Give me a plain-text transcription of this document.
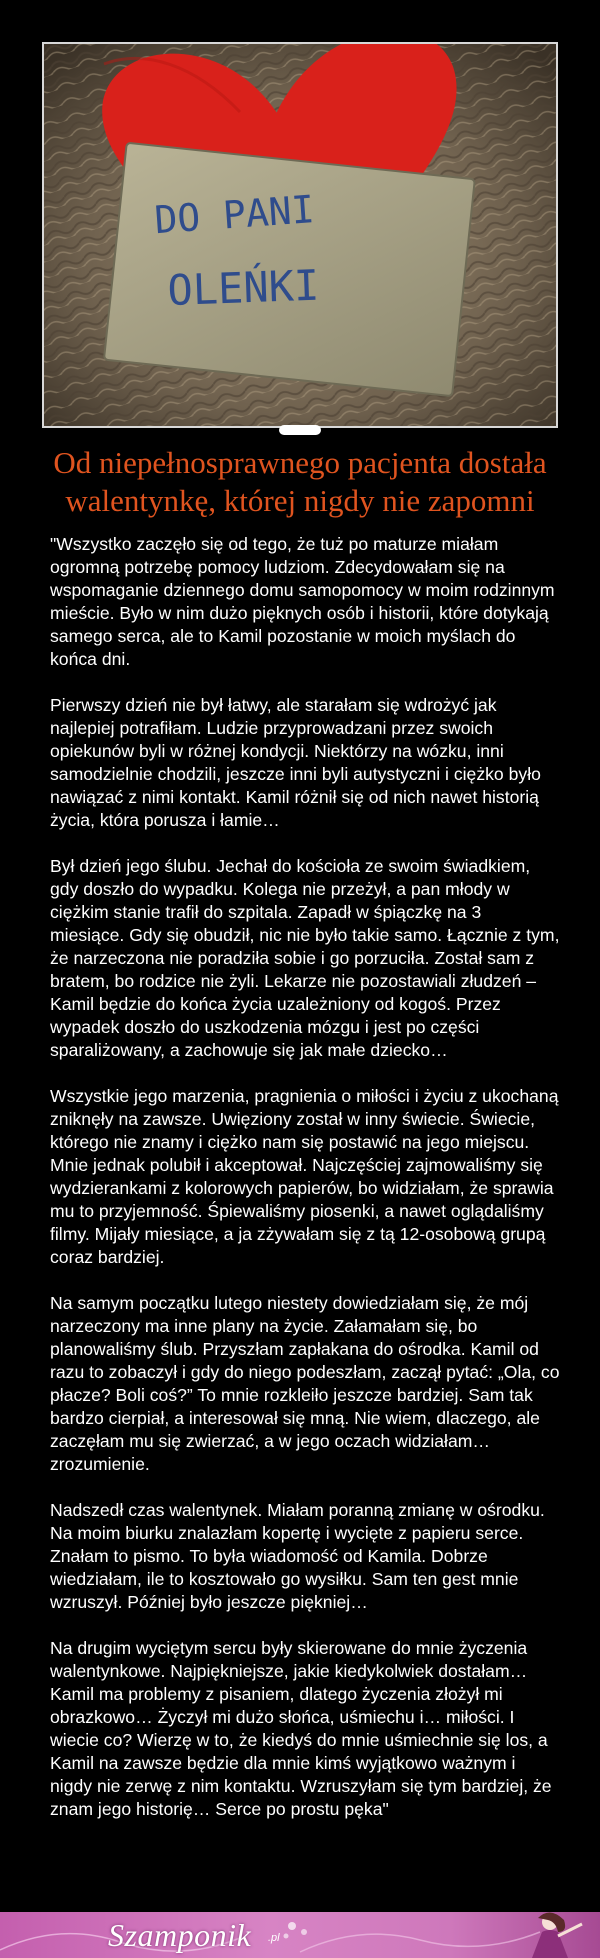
DO PANI
OLEŃKI
Od niepełnosprawnego pacjenta dostała walentynkę, której nigdy nie zapomni

"Wszystko zaczęło się od tego, że tuż po maturze miałam ogromną potrzebę pomocy ludziom. Zdecydowałam się na wspomaganie dziennego domu samopomocy w moim rodzinnym mieście. Było w nim dużo pięknych osób i historii, które dotykają samego serca, ale to Kamil pozostanie w moich myślach do końca dni.

Pierwszy dzień nie był łatwy, ale starałam się wdrożyć jak najlepiej potrafiłam. Ludzie przyprowadzani przez swoich opiekunów byli w różnej kondycji. Niektórzy na wózku, inni samodzielnie chodzili, jeszcze inni byli autystyczni i ciężko było nawiązać z nimi kontakt. Kamil różnił się od nich nawet historią życia, która porusza i łamie…

Był dzień jego ślubu. Jechał do kościoła ze swoim świadkiem, gdy doszło do wypadku. Kolega nie przeżył, a pan młody w ciężkim stanie trafił do szpitala. Zapadł w śpiączkę na 3 miesiące. Gdy się obudził, nic nie było takie samo. Łącznie z tym, że narzeczona nie poradziła sobie i go porzuciła. Został sam z bratem, bo rodzice nie żyli. Lekarze nie pozostawiali złudzeń – Kamil będzie do końca życia uzależniony od kogoś. Przez wypadek doszło do uszkodzenia mózgu i jest po części sparaliżowany, a zachowuje się jak małe dziecko…

Wszystkie jego marzenia, pragnienia o miłości i życiu z ukochaną zniknęły na zawsze. Uwięziony został w inny świecie. Świecie, którego nie znamy i ciężko nam się postawić na jego miejscu. Mnie jednak polubił i akceptował. Najczęściej zajmowaliśmy się wydzierankami z kolorowych papierów, bo widziałam, że sprawia mu to przyjemność. Śpiewaliśmy piosenki, a nawet oglądaliśmy filmy. Mijały miesiące, a ja zżywałam się z tą 12-osobową grupą coraz bardziej.

Na samym początku lutego niestety dowiedziałam się, że mój narzeczony ma inne plany na życie. Załamałam się, bo planowaliśmy ślub. Przyszłam zapłakana do ośrodka. Kamil od razu to zobaczył i gdy do niego podeszłam, zaczął pytać: „Ola, co płacze? Boli coś?” To mnie rozkleiło jeszcze bardziej. Sam tak bardzo cierpiał, a interesował się mną. Nie wiem, dlaczego, ale zaczęłam mu się zwierzać, a w jego oczach widziałam… zrozumienie.

Nadszedł czas walentynek. Miałam poranną zmianę w ośrodku. Na moim biurku znalazłam kopertę i wycięte z papieru serce. Znałam to pismo. To była wiadomość od Kamila. Dobrze wiedziałam, ile to kosztowało go wysiłku. Sam ten gest mnie wzruszył. Później było jeszcze piękniej…

Na drugim wyciętym sercu były skierowane do mnie życzenia walentynkowe. Najpiękniejsze, jakie kiedykolwiek dostałam… Kamil ma problemy z pisaniem, dlatego życzenia złożył mi obrazkowo… Życzył mi dużo słońca, uśmiechu i… miłości. I wiecie co? Wierzę w to, że kiedyś do mnie uśmiechnie się los, a Kamil na zawsze będzie dla mnie kimś wyjątkowo ważnym i nigdy nie zerwę z nim kontaktu. Wzruszyłam się tym bardziej, że znam jego historię… Serce po prostu pęka"

Szamponik .pl
